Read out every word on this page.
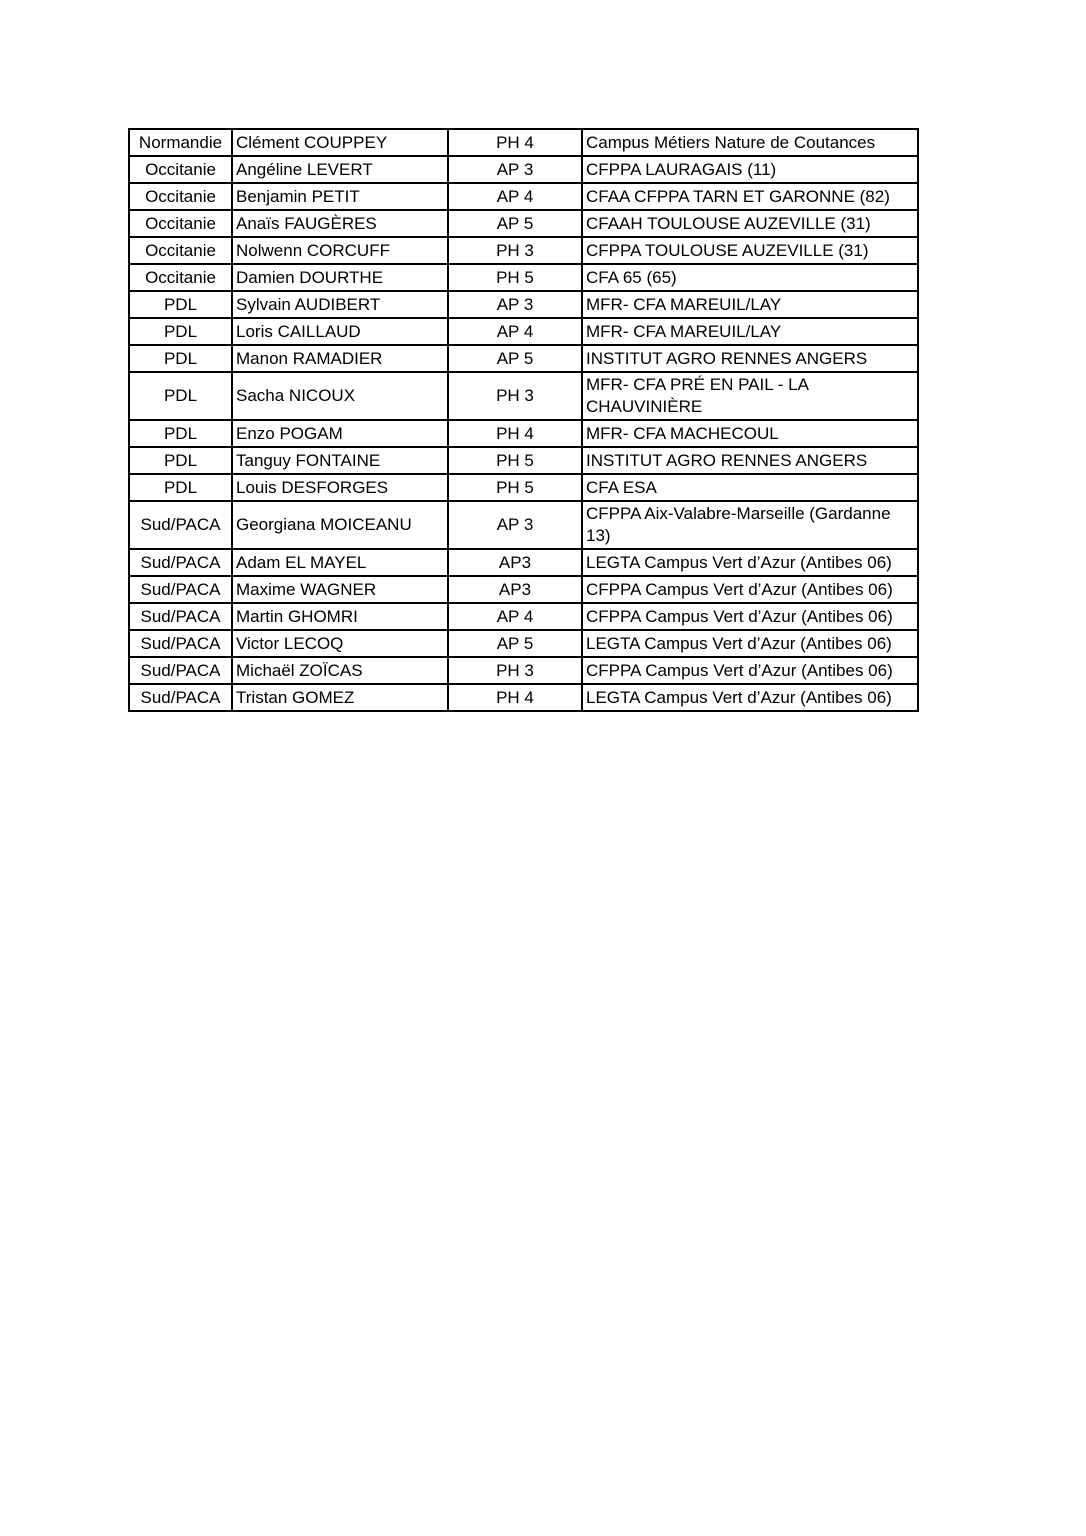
Normandie	Clément COUPPEY	PH 4	Campus Métiers Nature de Coutances
Occitanie	Angéline LEVERT	AP 3	CFPPA LAURAGAIS (11)
Occitanie	Benjamin PETIT	AP 4	CFAA CFPPA TARN ET GARONNE (82)
Occitanie	Anaïs FAUGÈRES	AP 5	CFAAH TOULOUSE AUZEVILLE (31)
Occitanie	Nolwenn CORCUFF	PH 3	CFPPA TOULOUSE AUZEVILLE (31)
Occitanie	Damien DOURTHE	PH 5	CFA 65 (65)
PDL	Sylvain AUDIBERT	AP 3	MFR- CFA MAREUIL/LAY
PDL	Loris CAILLAUD	AP 4	MFR- CFA MAREUIL/LAY
PDL	Manon RAMADIER	AP 5	INSTITUT AGRO RENNES ANGERS
PDL	Sacha NICOUX	PH 3	MFR- CFA PRÉ EN PAIL - LA CHAUVINIÈRE
PDL	Enzo POGAM	PH 4	MFR- CFA MACHECOUL
PDL	Tanguy FONTAINE	PH 5	INSTITUT AGRO RENNES ANGERS
PDL	Louis DESFORGES	PH 5	CFA ESA
Sud/PACA	Georgiana MOICEANU	AP 3	CFPPA Aix-Valabre-Marseille (Gardanne 13)
Sud/PACA	Adam EL MAYEL	AP3	LEGTA Campus Vert d’Azur (Antibes 06)
Sud/PACA	Maxime WAGNER	AP3	CFPPA Campus Vert d’Azur (Antibes 06)
Sud/PACA	Martin GHOMRI	AP 4	CFPPA Campus Vert d’Azur (Antibes 06)
Sud/PACA	Victor LECOQ	AP 5	LEGTA Campus Vert d’Azur (Antibes 06)
Sud/PACA	Michaël ZOÏCAS	PH 3	CFPPA Campus Vert d’Azur (Antibes 06)
Sud/PACA	Tristan GOMEZ	PH 4	LEGTA Campus Vert d’Azur (Antibes 06)
